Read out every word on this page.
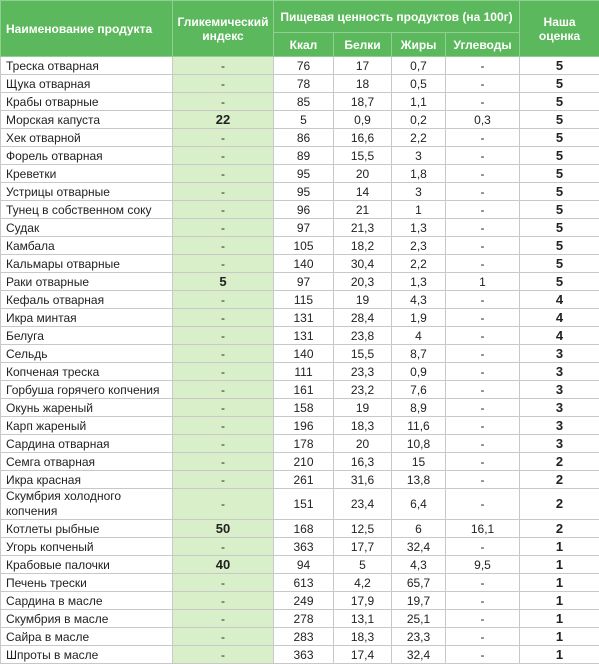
Наименование продукта	Гликемический индекс	Пищевая ценность продуктов (на 100г)				Наша оценка
		Ккал	Белки	Жиры	Углеводы	
Треска отварная	-	76	17	0,7	-	5
Щука отварная	-	78	18	0,5	-	5
Крабы отварные	-	85	18,7	1,1	-	5
Морская капуста	22	5	0,9	0,2	0,3	5
Хек отварной	-	86	16,6	2,2	-	5
Форель отварная	-	89	15,5	3	-	5
Креветки	-	95	20	1,8	-	5
Устрицы отварные	-	95	14	3	-	5
Тунец в собственном соку	-	96	21	1	-	5
Судак	-	97	21,3	1,3	-	5
Камбала	-	105	18,2	2,3	-	5
Кальмары отварные	-	140	30,4	2,2	-	5
Раки отварные	5	97	20,3	1,3	1	5
Кефаль отварная	-	115	19	4,3	-	4
Икра минтая	-	131	28,4	1,9	-	4
Белуга	-	131	23,8	4	-	4
Сельдь	-	140	15,5	8,7	-	3
Копченая треска	-	111	23,3	0,9	-	3
Горбуша горячего копчения	-	161	23,2	7,6	-	3
Окунь жареный	-	158	19	8,9	-	3
Карп жареный	-	196	18,3	11,6	-	3
Сардина отварная	-	178	20	10,8	-	3
Семга отварная	-	210	16,3	15	-	2
Икра красная	-	261	31,6	13,8	-	2
Скумбрия холодного копчения	-	151	23,4	6,4	-	2
Котлеты рыбные	50	168	12,5	6	16,1	2
Угорь копченый	-	363	17,7	32,4	-	1
Крабовые палочки	40	94	5	4,3	9,5	1
Печень трески	-	613	4,2	65,7	-	1
Сардина в масле	-	249	17,9	19,7	-	1
Скумбрия в масле	-	278	13,1	25,1	-	1
Сайра в масле	-	283	18,3	23,3	-	1
Шпроты в масле	-	363	17,4	32,4	-	1
